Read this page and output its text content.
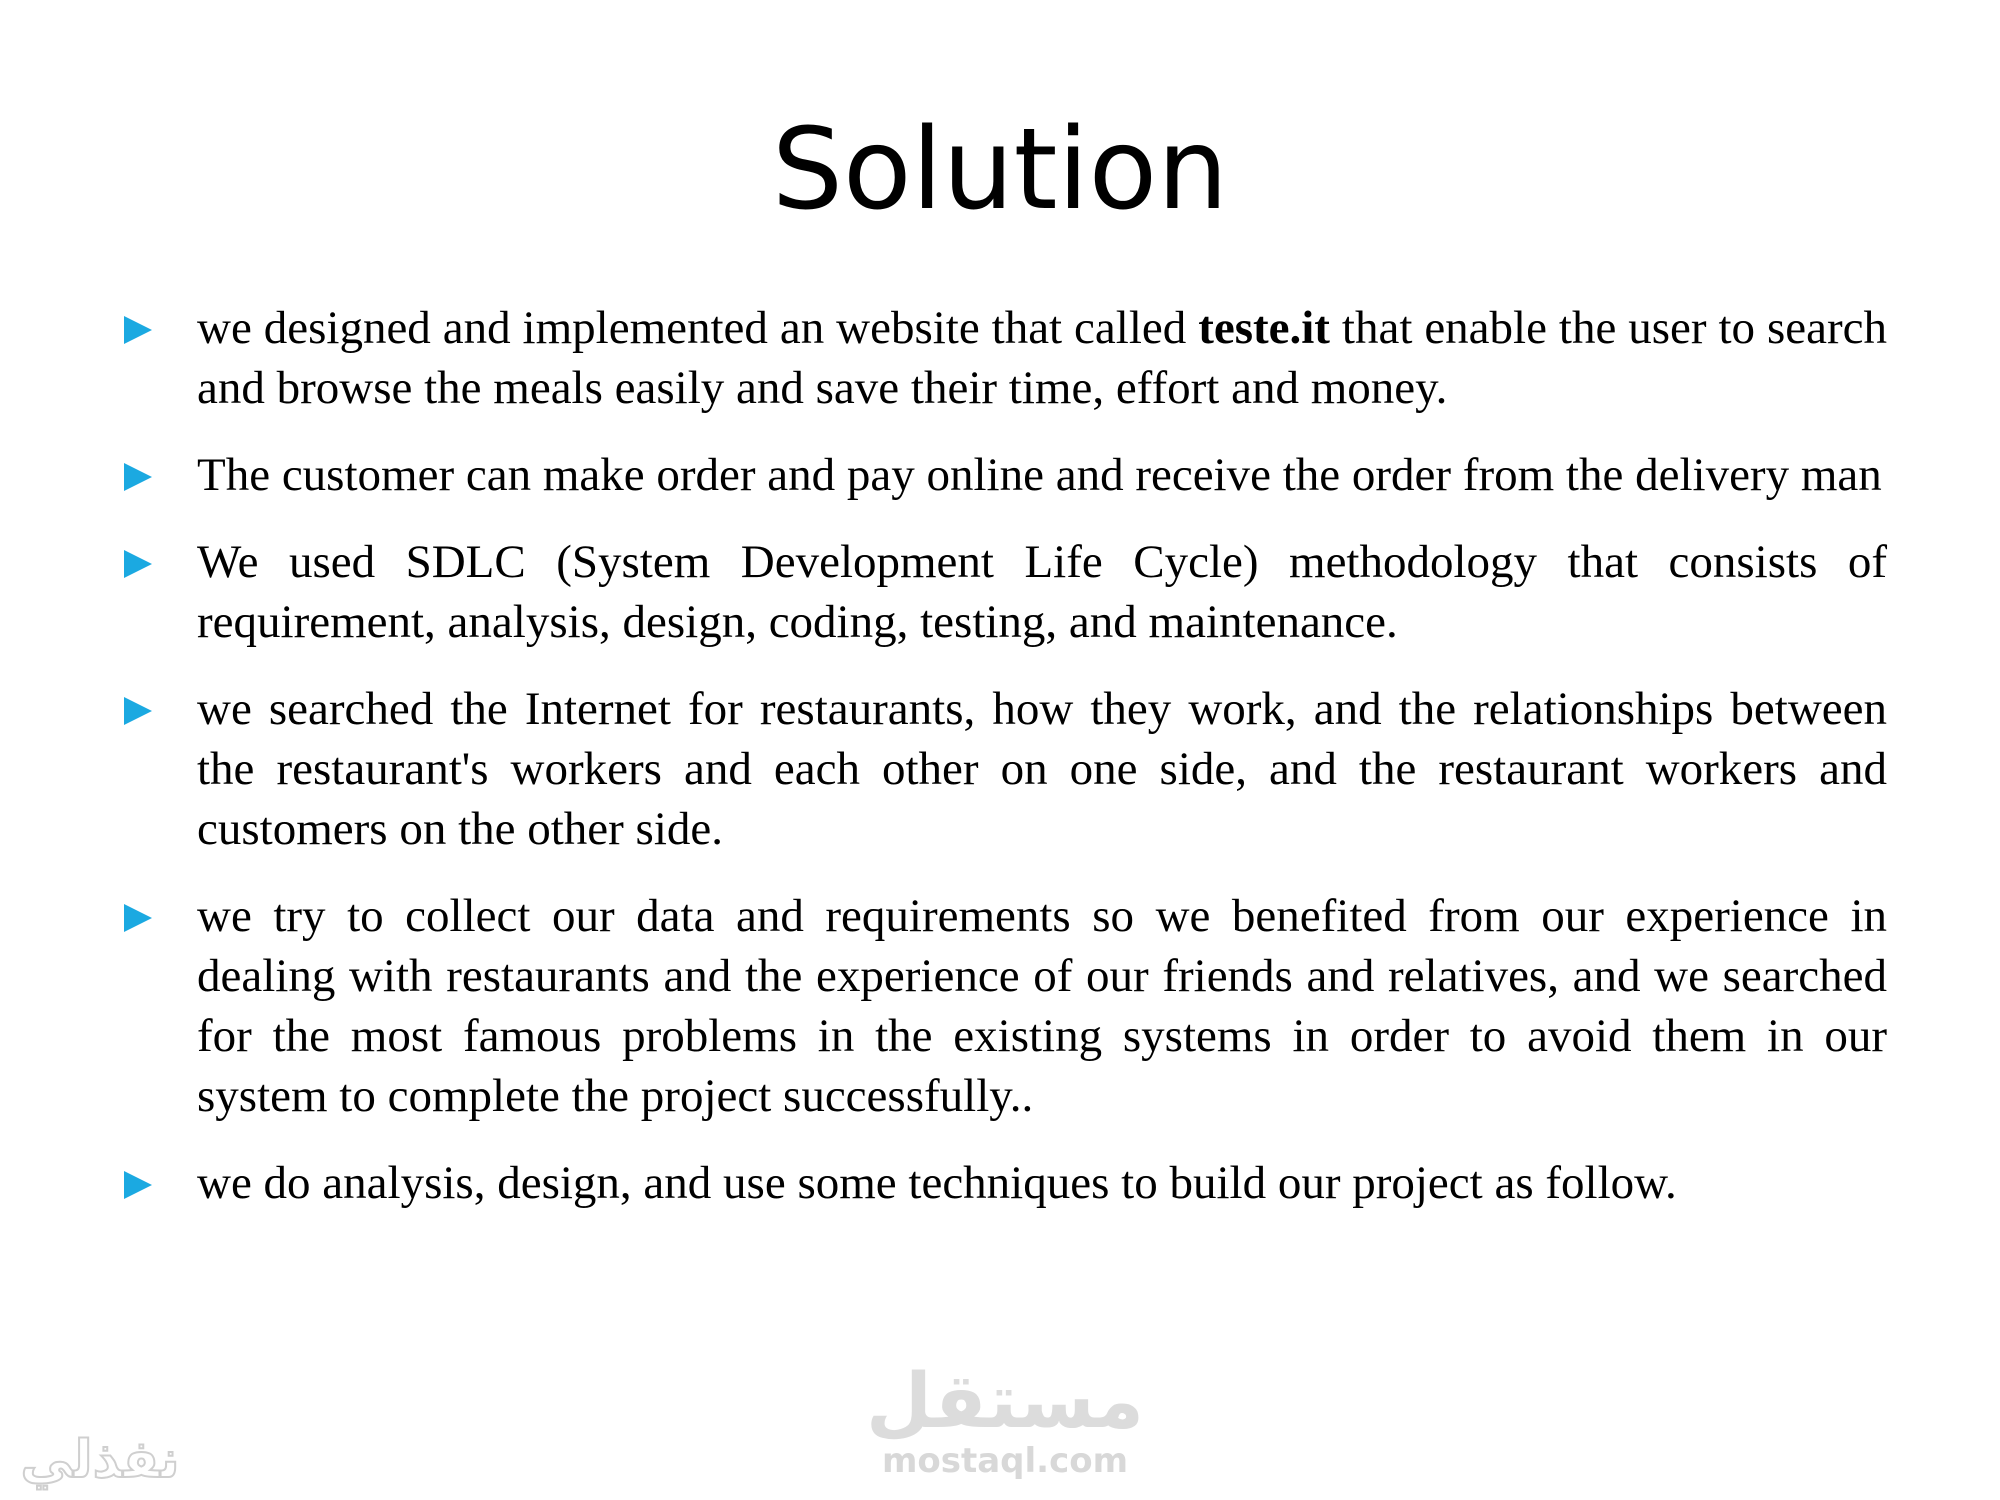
Solution
we designed and implemented an website that called teste.it that enable the user to search and browse the meals easily and save their time, effort and money.
The customer can make order and pay online and receive the order from the delivery man
We used SDLC (System Development Life Cycle) methodology that consists of requirement, analysis, design, coding, testing, and maintenance.
we searched the Internet for restaurants, how they work, and the relationships between the restaurant's workers and each other on one side, and the restaurant workers and customers on the other side.
we try to collect our data and requirements so we benefited from our experience in dealing with restaurants and the experience of our friends and relatives, and we searched for the most famous problems in the existing systems in order to avoid them in our system to complete the project successfully..
we do analysis, design, and use some techniques to build our project as follow.
مستقل
mostaql.com
نفذلي
